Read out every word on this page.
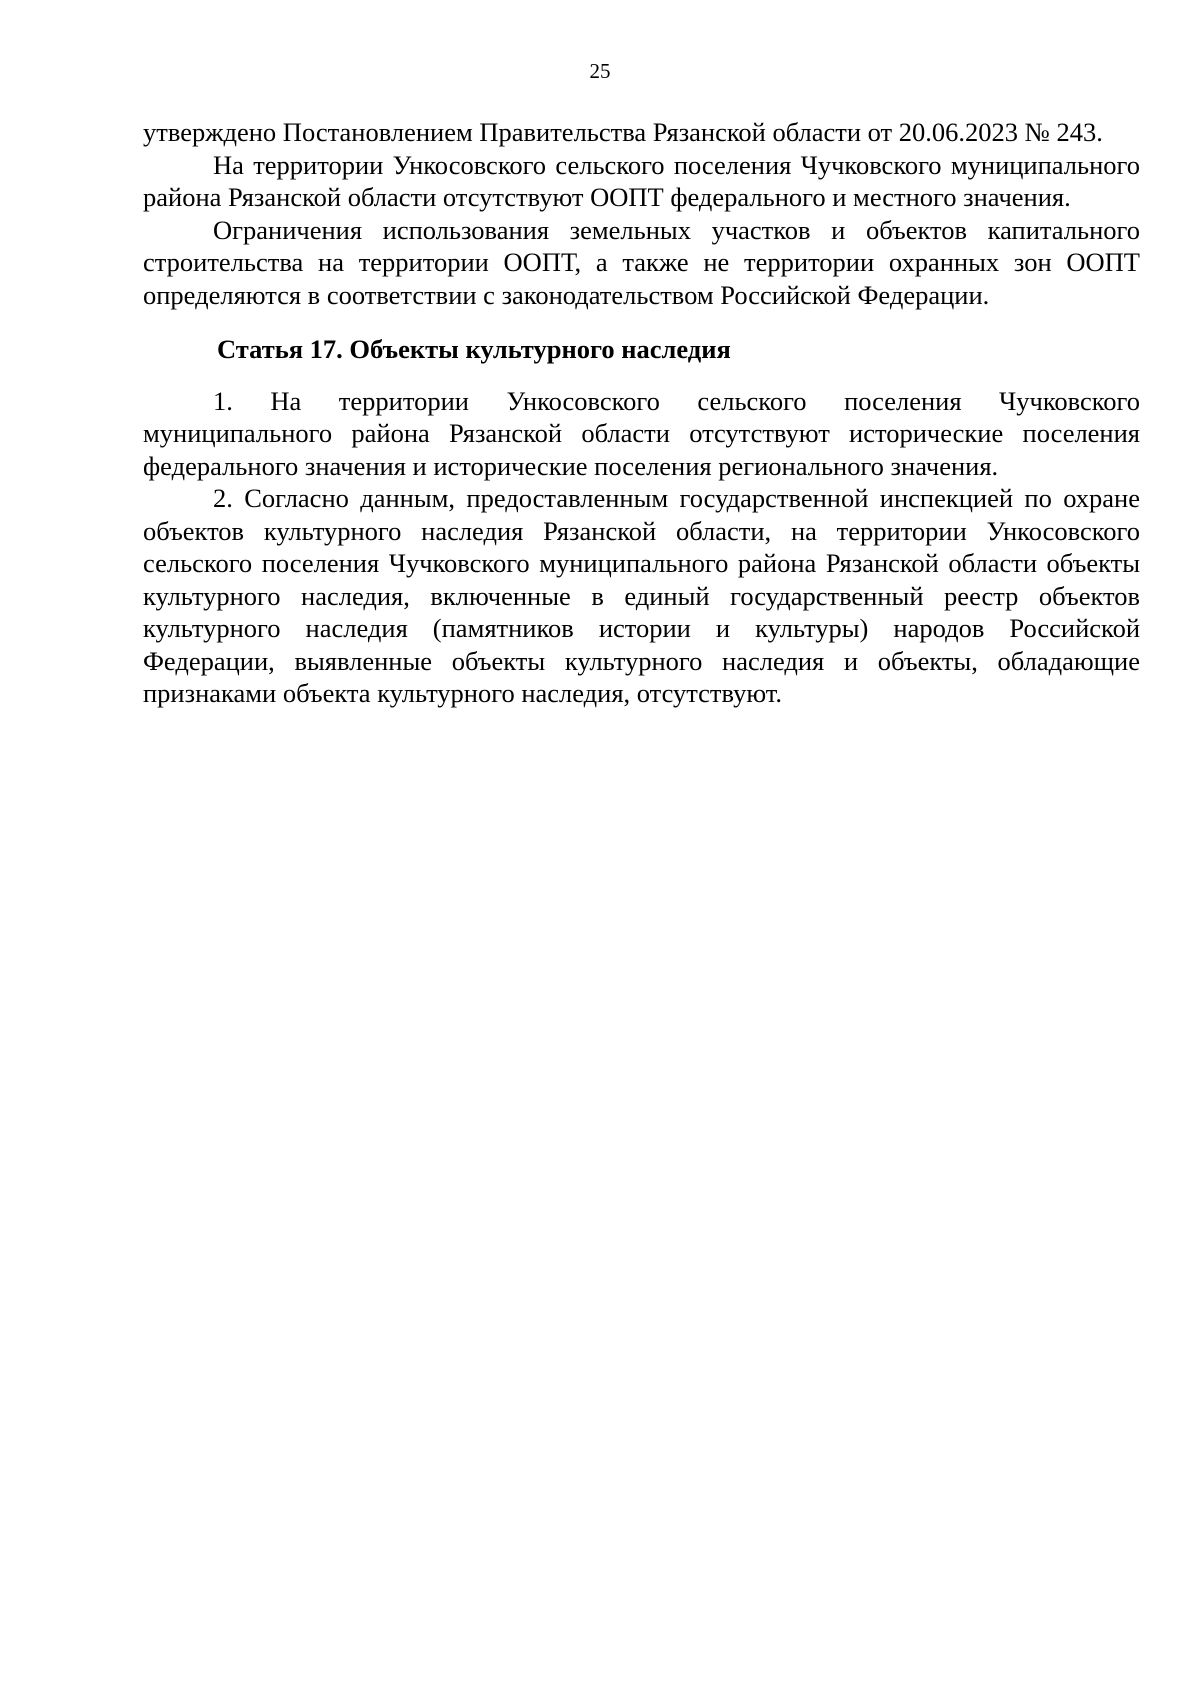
25

утверждено Постановлением Правительства Рязанской области от 20.06.2023 № 243.

На территории Ункосовского сельского поселения Чучковского муниципального района Рязанской области отсутствуют ООПТ федерального и местного значения.

Ограничения использования земельных участков и объектов капитального строительства на территории ООПТ, а также не территории охранных зон ООПТ определяются в соответствии с законодательством Российской Федерации.

Статья 17. Объекты культурного наследия

1. На территории Ункосовского сельского поселения Чучковского муниципального района Рязанской области отсутствуют исторические поселения федерального значения и исторические поселения регионального значения.

2. Согласно данным, предоставленным государственной инспекцией по охране объектов культурного наследия Рязанской области, на территории Ункосовского сельского поселения Чучковского муниципального района Рязанской области объекты культурного наследия, включенные в единый государственный реестр объектов культурного наследия (памятников истории и культуры) народов Российской Федерации, выявленные объекты культурного наследия и объекты, обладающие признаками объекта культурного наследия, отсутствуют.
